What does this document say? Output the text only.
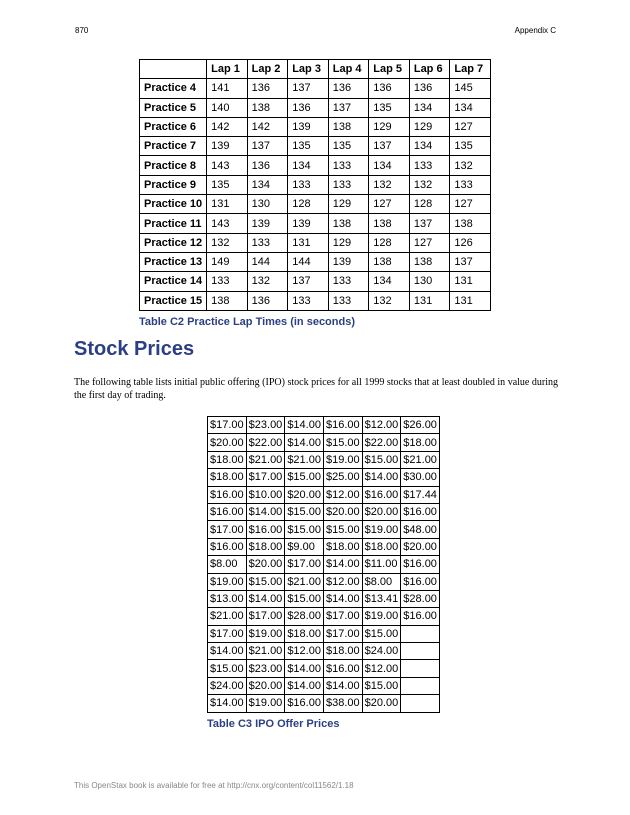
870	Appendix C
	Lap 1	Lap 2	Lap 3	Lap 4	Lap 5	Lap 6	Lap 7
Practice 4	141	136	137	136	136	136	145
Practice 5	140	138	136	137	135	134	134
Practice 6	142	142	139	138	129	129	127
Practice 7	139	137	135	135	137	134	135
Practice 8	143	136	134	133	134	133	132
Practice 9	135	134	133	133	132	132	133
Practice 10	131	130	128	129	127	128	127
Practice 11	143	139	139	138	138	137	138
Practice 12	132	133	131	129	128	127	126
Practice 13	149	144	144	139	138	138	137
Practice 14	133	132	137	133	134	130	131
Practice 15	138	136	133	133	132	131	131
Table C2 Practice Lap Times (in seconds)
Stock Prices

The following table lists initial public offering (IPO) stock prices for all 1999 stocks that at least doubled in value during the first day of trading.

$17.00	$23.00	$14.00	$16.00	$12.00	$26.00
$20.00	$22.00	$14.00	$15.00	$22.00	$18.00
$18.00	$21.00	$21.00	$19.00	$15.00	$21.00
$18.00	$17.00	$15.00	$25.00	$14.00	$30.00
$16.00	$10.00	$20.00	$12.00	$16.00	$17.44
$16.00	$14.00	$15.00	$20.00	$20.00	$16.00
$17.00	$16.00	$15.00	$15.00	$19.00	$48.00
$16.00	$18.00	$9.00	$18.00	$18.00	$20.00
$8.00	$20.00	$17.00	$14.00	$11.00	$16.00
$19.00	$15.00	$21.00	$12.00	$8.00	$16.00
$13.00	$14.00	$15.00	$14.00	$13.41	$28.00
$21.00	$17.00	$28.00	$17.00	$19.00	$16.00
$17.00	$19.00	$18.00	$17.00	$15.00	
$14.00	$21.00	$12.00	$18.00	$24.00	
$15.00	$23.00	$14.00	$16.00	$12.00	
$24.00	$20.00	$14.00	$14.00	$15.00	
$14.00	$19.00	$16.00	$38.00	$20.00	
Table C3 IPO Offer Prices
This OpenStax book is available for free at http://cnx.org/content/col11562/1.18
